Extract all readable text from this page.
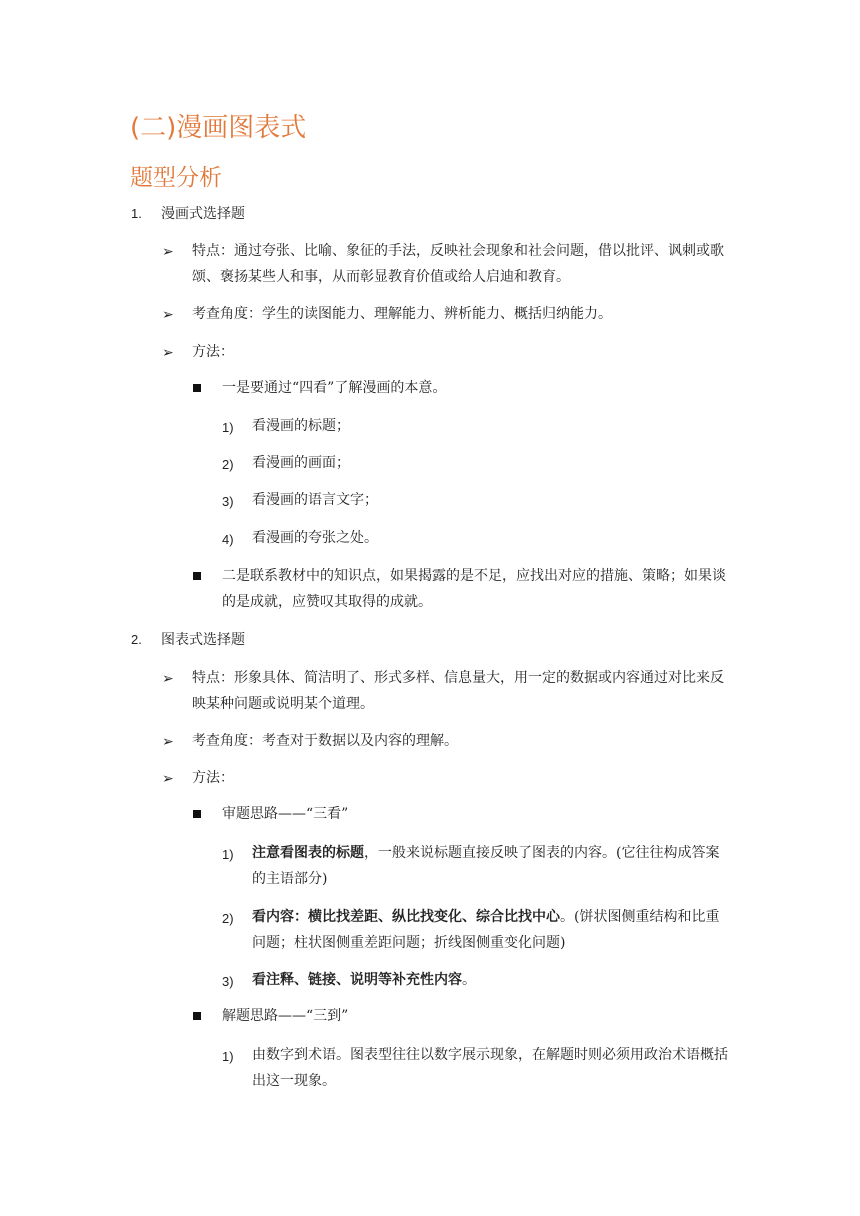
(二)漫画图表式
题型分析
1. 漫画式选择题
➢ 特点：通过夸张、比喻、象征的手法，反映社会现象和社会问题，借以批评、讽刺或歌颂、褒扬某些人和事，从而彰显教育价值或给人启迪和教育。
➢ 考查角度：学生的读图能力、理解能力、辨析能力、概括归纳能力。
➢ 方法：
一是要通过“四看”了解漫画的本意。
1) 看漫画的标题；
2) 看漫画的画面；
3) 看漫画的语言文字；
4) 看漫画的夸张之处。
二是联系教材中的知识点，如果揭露的是不足，应找出对应的措施、策略；如果谈的是成就，应赞叹其取得的成就。
2. 图表式选择题
➢ 特点：形象具体、简洁明了、形式多样、信息量大，用一定的数据或内容通过对比来反映某种问题或说明某个道理。
➢ 考查角度：考查对于数据以及内容的理解。
➢ 方法：
审题思路——“三看”
1) 注意看图表的标题，一般来说标题直接反映了图表的内容。(它往往构成答案的主语部分)
2) 看内容：横比找差距、纵比找变化、综合比找中心。(饼状图侧重结构和比重问题；柱状图侧重差距问题；折线图侧重变化问题)
3) 看注释、链接、说明等补充性内容。
解题思路——“三到”
1) 由数字到术语。图表型往往以数字展示现象，在解题时则必须用政治术语概括出这一现象。
